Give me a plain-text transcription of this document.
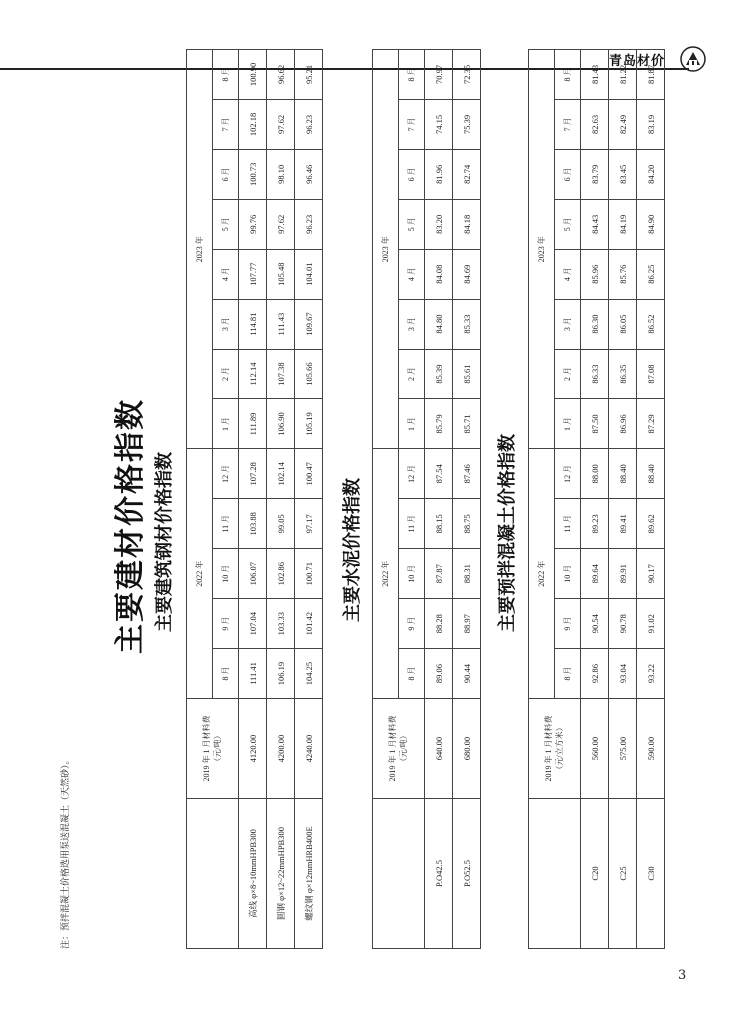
青岛材价
3
主要建材价格指数 主要建筑钢材价格指数
	2019 年 1 月材料费
（元/吨）	2022 年					2023 年							
		8 月	9 月	10 月	11 月	12 月	1 月	2 月	3 月	4 月	5 月	6 月	7 月	8 月
高线 φ×8~10mmHPB300	4120.00	111.41	107.04	106.07	103.88	107.28	111.89	112.14	114.81	107.77	99.76	100.73	102.18	100.90
圆钢 φ×12~22mmHPB300	4200.00	106.19	103.33	102.86	99.05	102.14	106.90	107.38	111.43	105.48	97.62	98.10	97.62	96.62
螺纹钢 φ×12mmHRB400E	4240.00	104.25	101.42	100.71	97.17	100.47	105.19	105.66	109.67	104.01	96.23	96.46	96.23	95.21
主要水泥价格指数
	2019 年 1 月材料费
（元/吨）	2022 年					2023 年							
		8 月	9 月	10 月	11 月	12 月	1 月	2 月	3 月	4 月	5 月	6 月	7 月	8 月
P.O42.5	640.00	89.06	88.28	87.87	88.15	87.54	85.79	85.39	84.80	84.08	83.20	81.96	74.15	70.97
P.O52.5	680.00	90.44	88.97	88.31	88.75	87.46	85.71	85.61	85.33	84.69	84.18	82.74	75.39	72.35
主要预拌混凝土价格指数
	2019 年 1 月材料费
（元/立方米）	2022 年					2023 年							
		8 月	9 月	10 月	11 月	12 月	1 月	2 月	3 月	4 月	5 月	6 月	7 月	8 月
C20	560.00	92.86	90.54	89.64	89.23	88.00	87.50	86.33	86.30	85.96	84.43	83.79	82.63	81.43
C25	575.00	93.04	90.78	89.91	89.41	88.40	86.96	86.35	86.05	85.76	84.19	83.45	82.49	81.22
C30	590.00	93.22	91.02	90.17	89.62	88.40	87.29	87.08	86.52	86.25	84.90	84.20	83.19	81.87
注：预拌混凝土价格选用泵送混凝土（天然砂）。
